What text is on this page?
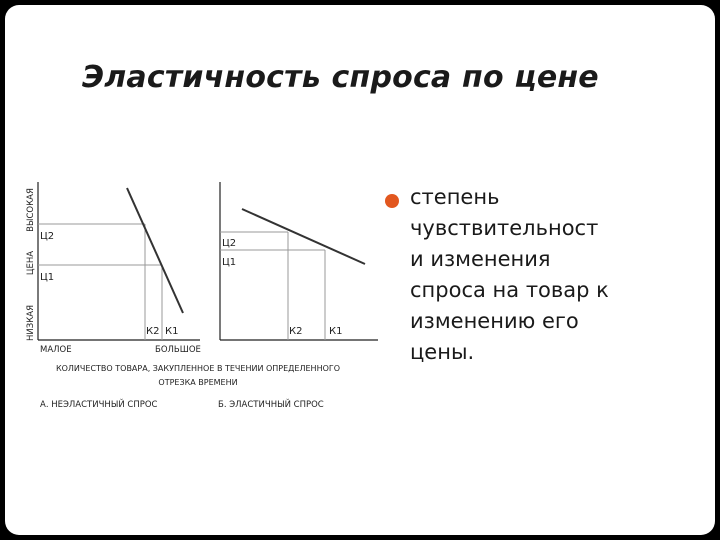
Эластичность спроса по цене
степень
чувствительност
и изменения
спроса на товар к
изменению его
цены.
ВЫСОКАЯ
ЦЕНА
НИЗКАЯ
Ц2
Ц1
К2 К1
МАЛОЕ	БОЛЬШОЕ
Ц2
Ц1
К2	К1
КОЛИЧЕСТВО ТОВАРА, ЗАКУПЛЕННОЕ В ТЕЧЕНИИ ОПРЕДЕЛЕННОГО
ОТРЕЗКА ВРЕМЕНИ
А. НЕЭЛАСТИЧНЫЙ СПРОС	Б. ЭЛАСТИЧНЫЙ СПРОС
